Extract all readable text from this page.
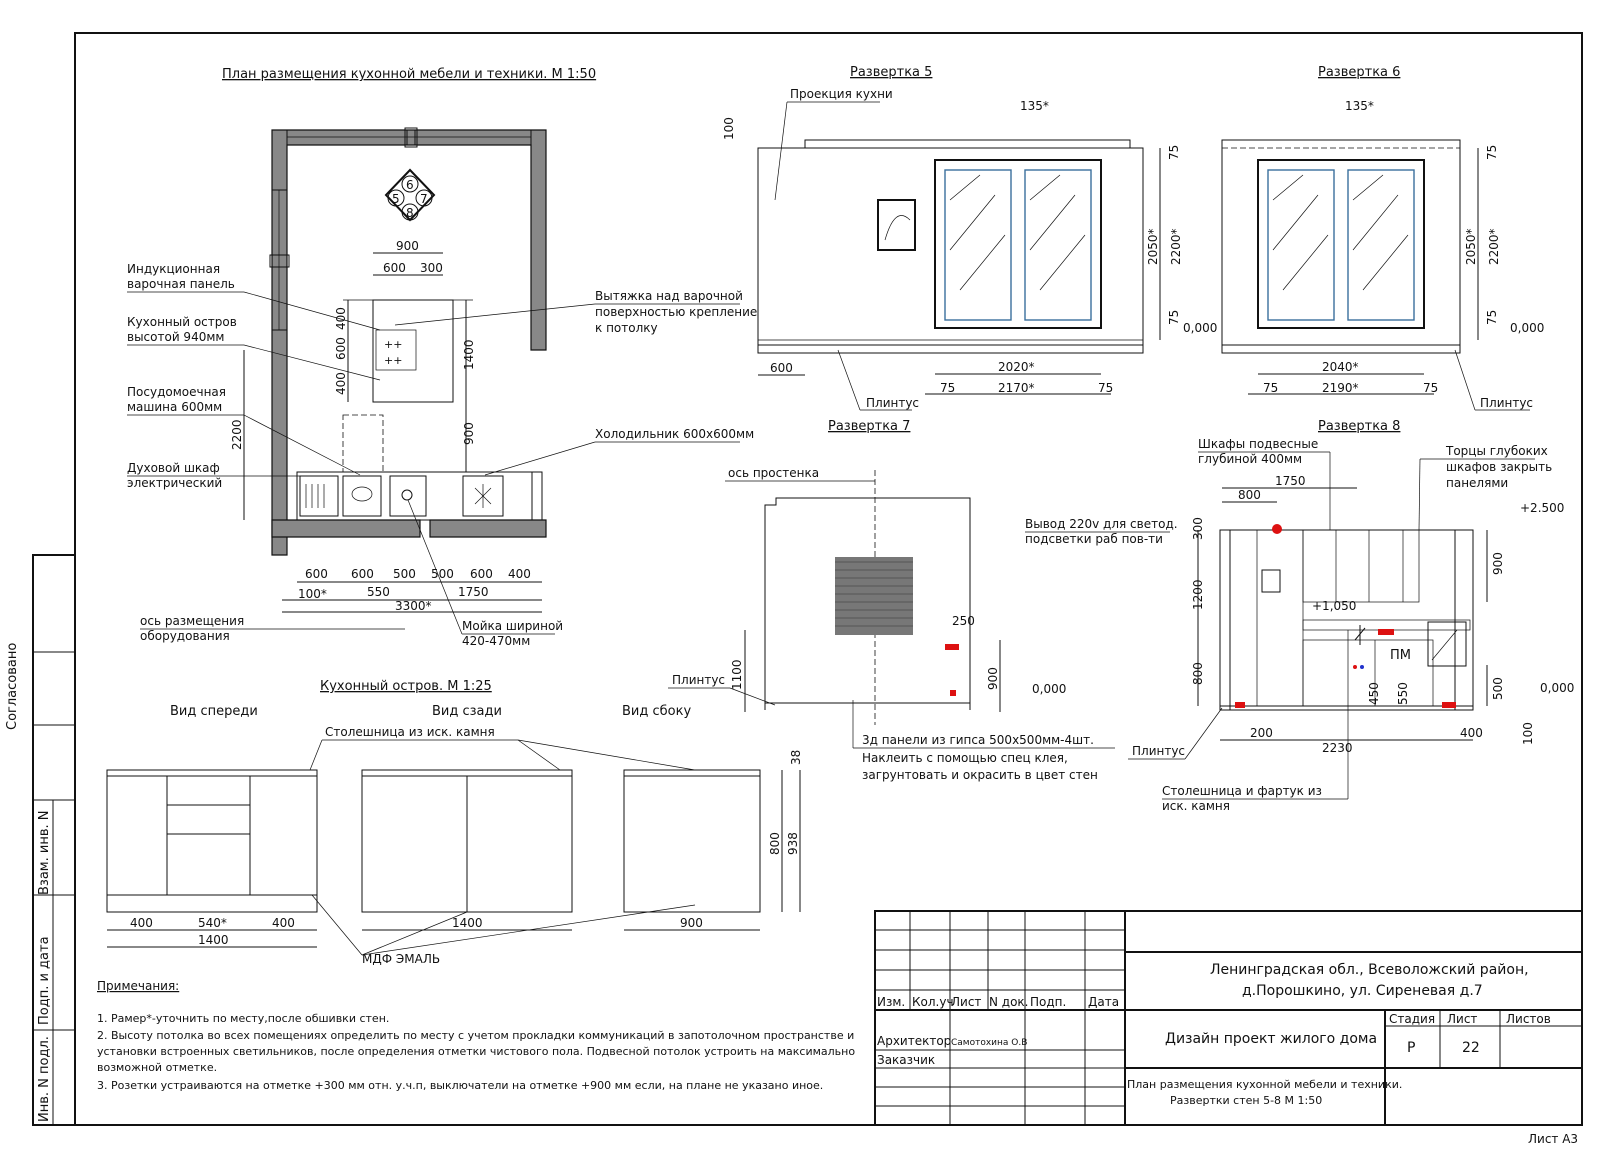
Согласовано
Взам. инв. N
Подп. и дата
Инв. N подл.
Лист А3
План размещения кухонной мебели и техники. М 1:50
6
5 7
8
++
++
900
600 300
400
600
400
1400
900
2200
600 600 500 500 600 400
100*	550	1750
3300*
Индукционная
варочная панель
Кухонный остров
высотой 940мм
Посудомоечная
машина 600мм
Духовой шкаф
электрический
Вытяжка над варочной
поверхностью крепление
к потолку
Холодильник 600х600мм
ось размещения
оборудования
Мойка шириной
420-470мм
Развертка 5
Проекция кухни
Плинтус
135*
100
75
2050* 2200*
75
0,000
600	2020*
75	2170*	75
Развертка 6
135*
75
2050* 2200*
75
0,000
2040*
75	2190*	75
Плинтус
Развертка 7
ось простенка
Плинтус
250
1100	900	0,000
3д панели из гипса 500х500мм-4шт.
Наклеить с помощью спец клея,
загрунтовать и окрасить в цвет стен
Развертка 8
ПМ
Шкафы подвесные
глубиной 400мм
Торцы глубоких
шкафов закрыть
панелями
Вывод 220v для светод.
подсветки раб пов-ти
Плинтус
Столешница и фартук из
иск. камня
1750
800
+2.500
300
900
1200	+1,050
800
450 550	500	0,000
100
200
2230
400
Кухонный остров. М 1:25
Вид спереди	Вид сзади	Вид сбоку
Столешница из иск. камня
МДФ ЭМАЛЬ
400	540*	400
1400
1400	900
38
800 938
Примечания:
1. Рамер*-уточнить по месту,после обшивки стен.
2. Высоту потолка во всех помещениях определить по месту с учетом прокладки коммуникаций в запотолочном пространстве и
установки встроенных светильников, после определения отметки чистового пола. Подвесной потолок устроить на максимально
возможной отметке.
3. Розетки устраиваются на отметке +300 мм отн. у.ч.п, выключатели на отметке +900 мм если, на плане не указано иное.
Изм. Кол.уч
Лист N док. Подп. Дата
Архитектор Самотохина О.В
Заказчик
Ленинградская обл., Всеволожский район,
д.Порошкино, ул. Сиреневая д.7
Дизайн проект жилого дома
Стадия Лист Листов
Р	22
План размещения кухонной мебели и техники.
Развертки стен 5-8 М 1:50
